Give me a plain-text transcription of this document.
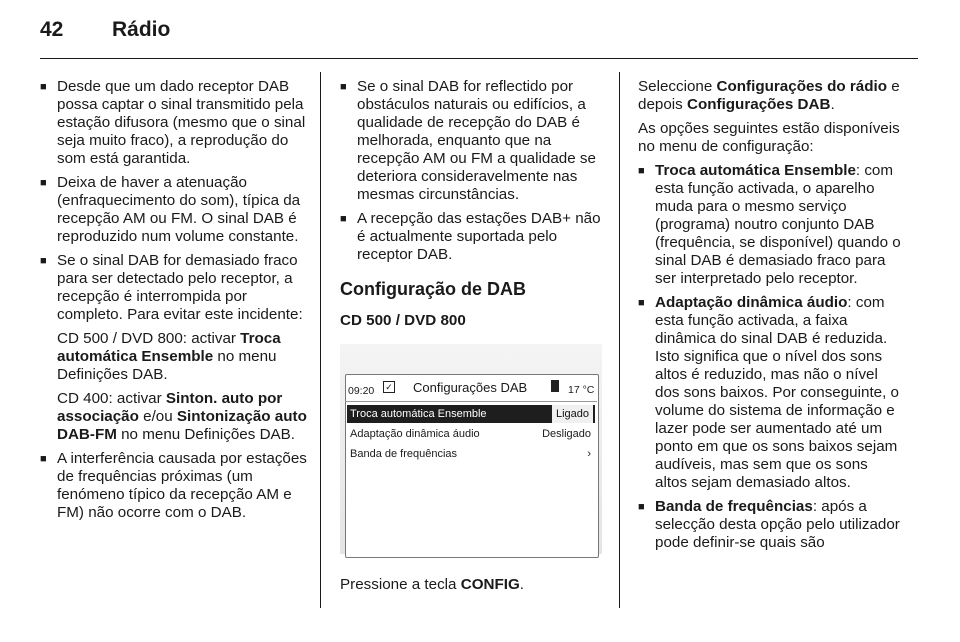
42 Rádio
■ Desde que um dado receptor DAB possa captar o sinal transmitido pela estação difusora (mesmo que o sinal seja muito fraco), a reprodução do som está garantida.
■ Deixa de haver a atenuação (enfraquecimento do som), típica da recepção AM ou FM. O sinal DAB é reproduzido num volume constante.
■ Se o sinal DAB for demasiado fraco para ser detectado pelo receptor, a recepção é interrompida por completo. Para evitar este incidente:
CD 500 / DVD 800: activar Troca automática Ensemble no menu Definições DAB.
CD 400: activar Sinton. auto por associação e/ou Sintonização auto DAB-FM no menu Definições DAB.
■ A interferência causada por estações de frequências próximas (um fenómeno típico da recepção AM e FM) não ocorre com o DAB.
■ Se o sinal DAB for reflectido por obstáculos naturais ou edifícios, a qualidade de recepção do DAB é melhorada, enquanto que na recepção AM ou FM a qualidade se deteriora consideravelmente nas mesmas circunstâncias.
■ A recepção das estações DAB+ não é actualmente suportada pelo receptor DAB.
Configuração de DAB
CD 500 / DVD 800
09:20 ✓ Configurações DAB	17 °C
Troca automática Ensemble	Ligado
Adaptação dinâmica áudio	Desligado
Banda de frequências	›

Pressione a tecla CONFIG.

Seleccione Configurações do rádio e depois Configurações DAB.

As opções seguintes estão disponíveis no menu de configuração:

■ Troca automática Ensemble: com esta função activada, o aparelho muda para o mesmo serviço (programa) noutro conjunto DAB (frequência, se disponível) quando o sinal DAB é demasiado fraco para ser interpretado pelo receptor.
■ Adaptação dinâmica áudio: com esta função activada, a faixa dinâmica do sinal DAB é reduzida. Isto significa que o nível dos sons altos é reduzido, mas não o nível dos sons baixos. Por conseguinte, o volume do sistema de informação e lazer pode ser aumentado até um ponto em que os sons baixos sejam audíveis, mas sem que os sons altos sejam demasiado altos.
■ Banda de frequências: após a selecção desta opção pelo utilizador pode definir-se quais são
